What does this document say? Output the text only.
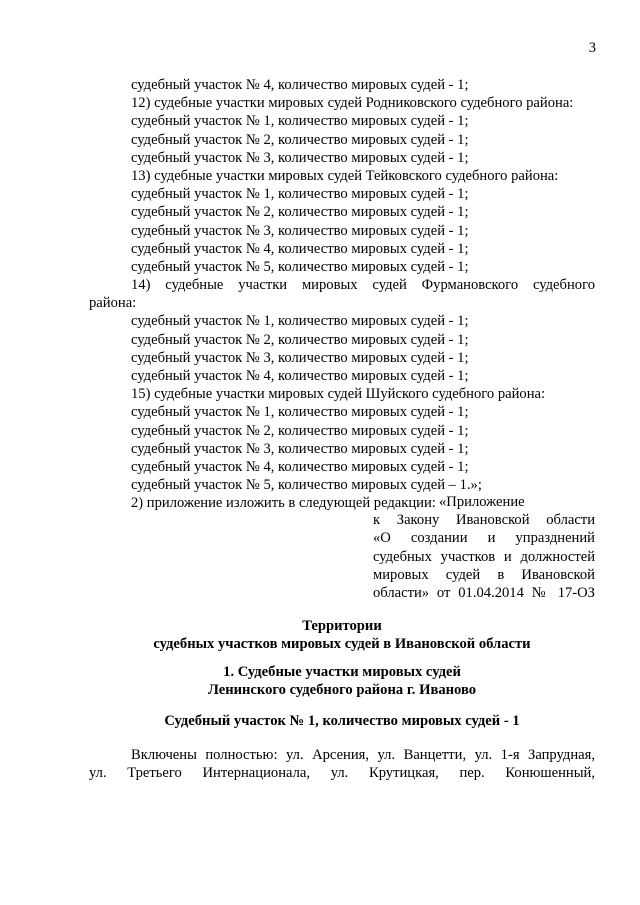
3
судебный участок № 4, количество мировых судей - 1;
12) судебные участки мировых судей Родниковского судебного района:
судебный участок № 1, количество мировых судей - 1;
судебный участок № 2, количество мировых судей - 1;
судебный участок № 3, количество мировых судей - 1;
13) судебные участки мировых судей Тейковского судебного района:
судебный участок № 1, количество мировых судей - 1;
судебный участок № 2, количество мировых судей - 1;
судебный участок № 3, количество мировых судей - 1;
судебный участок № 4, количество мировых судей - 1;
судебный участок № 5, количество мировых судей - 1;
14) судебные участки мировых судей Фурмановского судебного
района:
судебный участок № 1, количество мировых судей - 1;
судебный участок № 2, количество мировых судей - 1;
судебный участок № 3, количество мировых судей - 1;
судебный участок № 4, количество мировых судей - 1;
15) судебные участки мировых судей Шуйского судебного района:
судебный участок № 1, количество мировых судей - 1;
судебный участок № 2, количество мировых судей - 1;
судебный участок № 3, количество мировых судей - 1;
судебный участок № 4, количество мировых судей - 1;
судебный участок № 5, количество мировых судей – 1.»;
2) приложение изложить в следующей редакции: «Приложение
к Закону Ивановской области
«О создании и упразднений
судебных участков и должностей
мировых судей в Ивановской
области» от 01.04.2014 № 17-ОЗ
Территории
судебных участков мировых судей в Ивановской области
1. Судебные участки мировых судей
Ленинского судебного района г. Иваново
Судебный участок № 1, количество мировых судей - 1
Включены полностью: ул. Арсения, ул. Ванцетти, ул. 1-я Запрудная,
ул. Третьего Интернационала, ул. Крутицкая, пер. Конюшенный,
